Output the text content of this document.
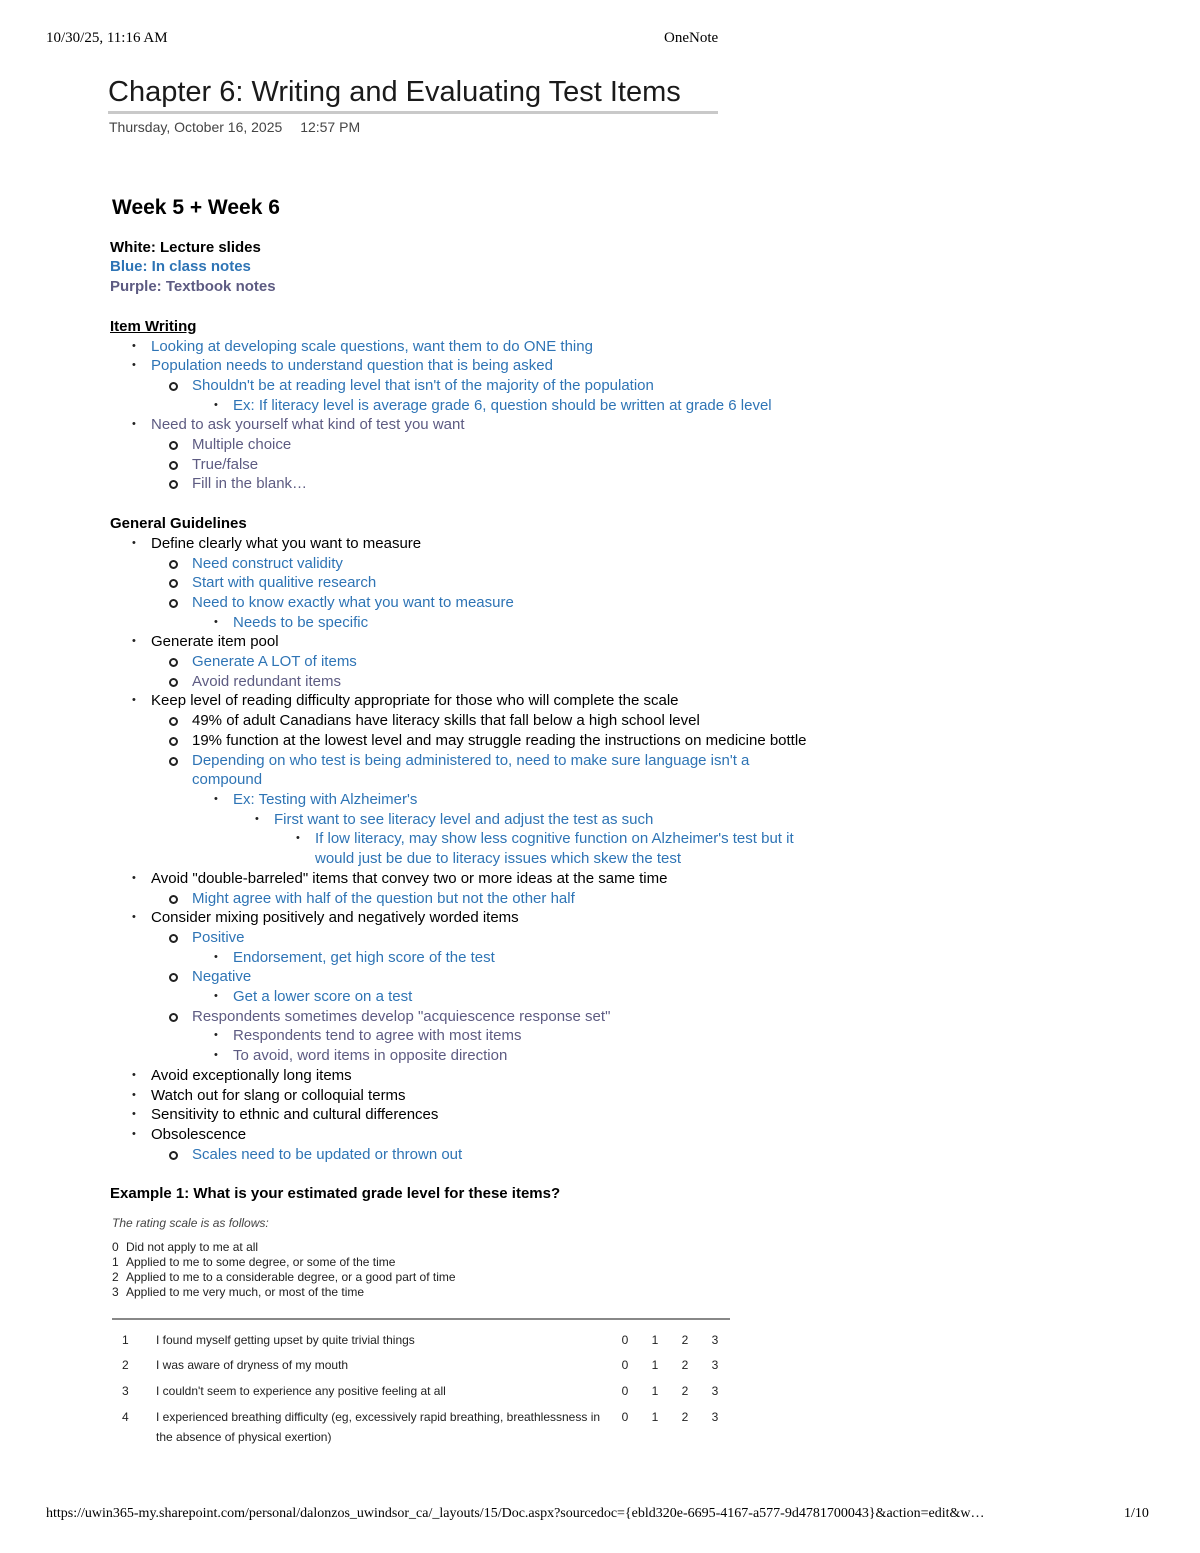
10/30/25, 11:16 AM	OneNote
Chapter 6: Writing and Evaluating Test Items
Thursday, October 16, 2025 12:57 PM
Week 5 + Week 6
White: Lecture slides
Blue: In class notes
Purple: Textbook notes
Item Writing
• Looking at developing scale questions, want them to do ONE thing
• Population needs to understand question that is being asked
Shouldn't be at reading level that isn't of the majority of the population
• Ex: If literacy level is average grade 6, question should be written at grade 6 level
• Need to ask yourself what kind of test you want
Multiple choice
True/false
Fill in the blank…
General Guidelines
• Define clearly what you want to measure
Need construct validity
Start with qualitive research
Need to know exactly what you want to measure
• Needs to be specific
• Generate item pool
Generate A LOT of items
Avoid redundant items
• Keep level of reading difficulty appropriate for those who will complete the scale
49% of adult Canadians have literacy skills that fall below a high school level
19% function at the lowest level and may struggle reading the instructions on medicine bottle
Depending on who test is being administered to, need to make sure language isn't a compound
• Ex: Testing with Alzheimer's
• First want to see literacy level and adjust the test as such
• If low literacy, may show less cognitive function on Alzheimer's test but it would just be due to literacy issues which skew the test
• Avoid "double-barreled" items that convey two or more ideas at the same time
Might agree with half of the question but not the other half
• Consider mixing positively and negatively worded items
Positive
• Endorsement, get high score of the test
Negative
• Get a lower score on a test
Respondents sometimes develop "acquiescence response set"
• Respondents tend to agree with most items
• To avoid, word items in opposite direction
• Avoid exceptionally long items
• Watch out for slang or colloquial terms
• Sensitivity to ethnic and cultural differences
• Obsolescence
Scales need to be updated or thrown out
Example 1: What is your estimated grade level for these items?
The rating scale is as follows:
0 Did not apply to me at all
1 Applied to me to some degree, or some of the time
2 Applied to me to a considerable degree, or a good part of time
3 Applied to me very much, or most of the time
1	I found myself getting upset by quite trivial things	0	1	2	3
2	I was aware of dryness of my mouth	0	1	2	3
3	I couldn't seem to experience any positive feeling at all	0	1	2	3
4	I experienced breathing difficulty (eg, excessively rapid breathing, breathlessness in the absence of physical exertion)	0	1	2	3
https://uwin365-my.sharepoint.com/personal/dalonzos_uwindsor_ca/_layouts/15/Doc.aspx?sourcedoc={ebld320e-6695-4167-a577-9d4781700043}&action=edit&w…	1/10
